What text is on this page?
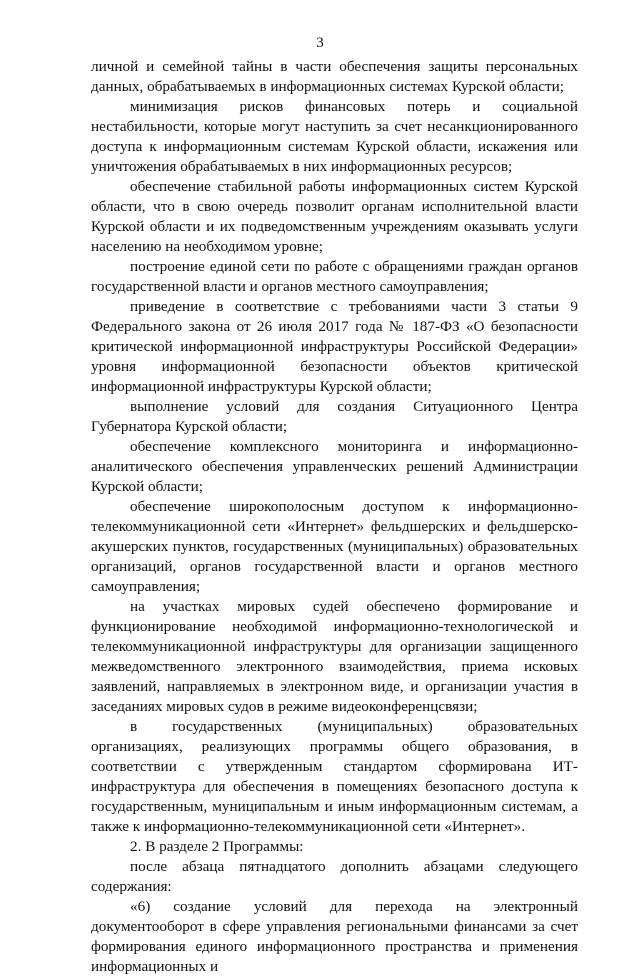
3

личной и семейной тайны в части обеспечения защиты персональных данных, обрабатываемых в информационных системах Курской области;

минимизация рисков финансовых потерь и социальной нестабильности, которые могут наступить за счет несанкционированного доступа к информационным системам Курской области, искажения или уничтожения обрабатываемых в них информационных ресурсов;

обеспечение стабильной работы информационных систем Курской области, что в свою очередь позволит органам исполнительной власти Курской области и их подведомственным учреждениям оказывать услуги населению на необходимом уровне;

построение единой сети по работе с обращениями граждан органов государственной власти и органов местного самоуправления;

приведение в соответствие с требованиями части 3 статьи 9 Федерального закона от 26 июля 2017 года № 187-ФЗ «О безопасности критической информационной инфраструктуры Российской Федерации» уровня информационной безопасности объектов критической информационной инфраструктуры Курской области;

выполнение условий для создания Ситуационного Центра Губернатора Курской области;

обеспечение комплексного мониторинга и информационно-аналитического обеспечения управленческих решений Администрации Курской области;

обеспечение широкополосным доступом к информационно-телекоммуникационной сети «Интернет» фельдшерских и фельдшерско-акушерских пунктов, государственных (муниципальных) образовательных организаций, органов государственной власти и органов местного самоуправления;

на участках мировых судей обеспечено формирование и функционирование необходимой информационно-технологической и телекоммуникационной инфраструктуры для организации защищенного межведомственного электронного взаимодействия, приема исковых заявлений, направляемых в электронном виде, и организации участия в заседаниях мировых судов в режиме видеоконференцсвязи;

в государственных (муниципальных) образовательных организациях, реализующих программы общего образования, в соответствии с утвержденным стандартом сформирована ИТ-инфраструктура для обеспечения в помещениях безопасного доступа к государственным, муниципальным и иным информационным системам, а также к информационно-телекоммуникационной сети «Интернет».

2. В разделе 2 Программы:

после абзаца пятнадцатого дополнить абзацами следующего содержания:

«6) создание условий для перехода на электронный документооборот в сфере управления региональными финансами за счет формирования единого информационного пространства и применения информационных и
